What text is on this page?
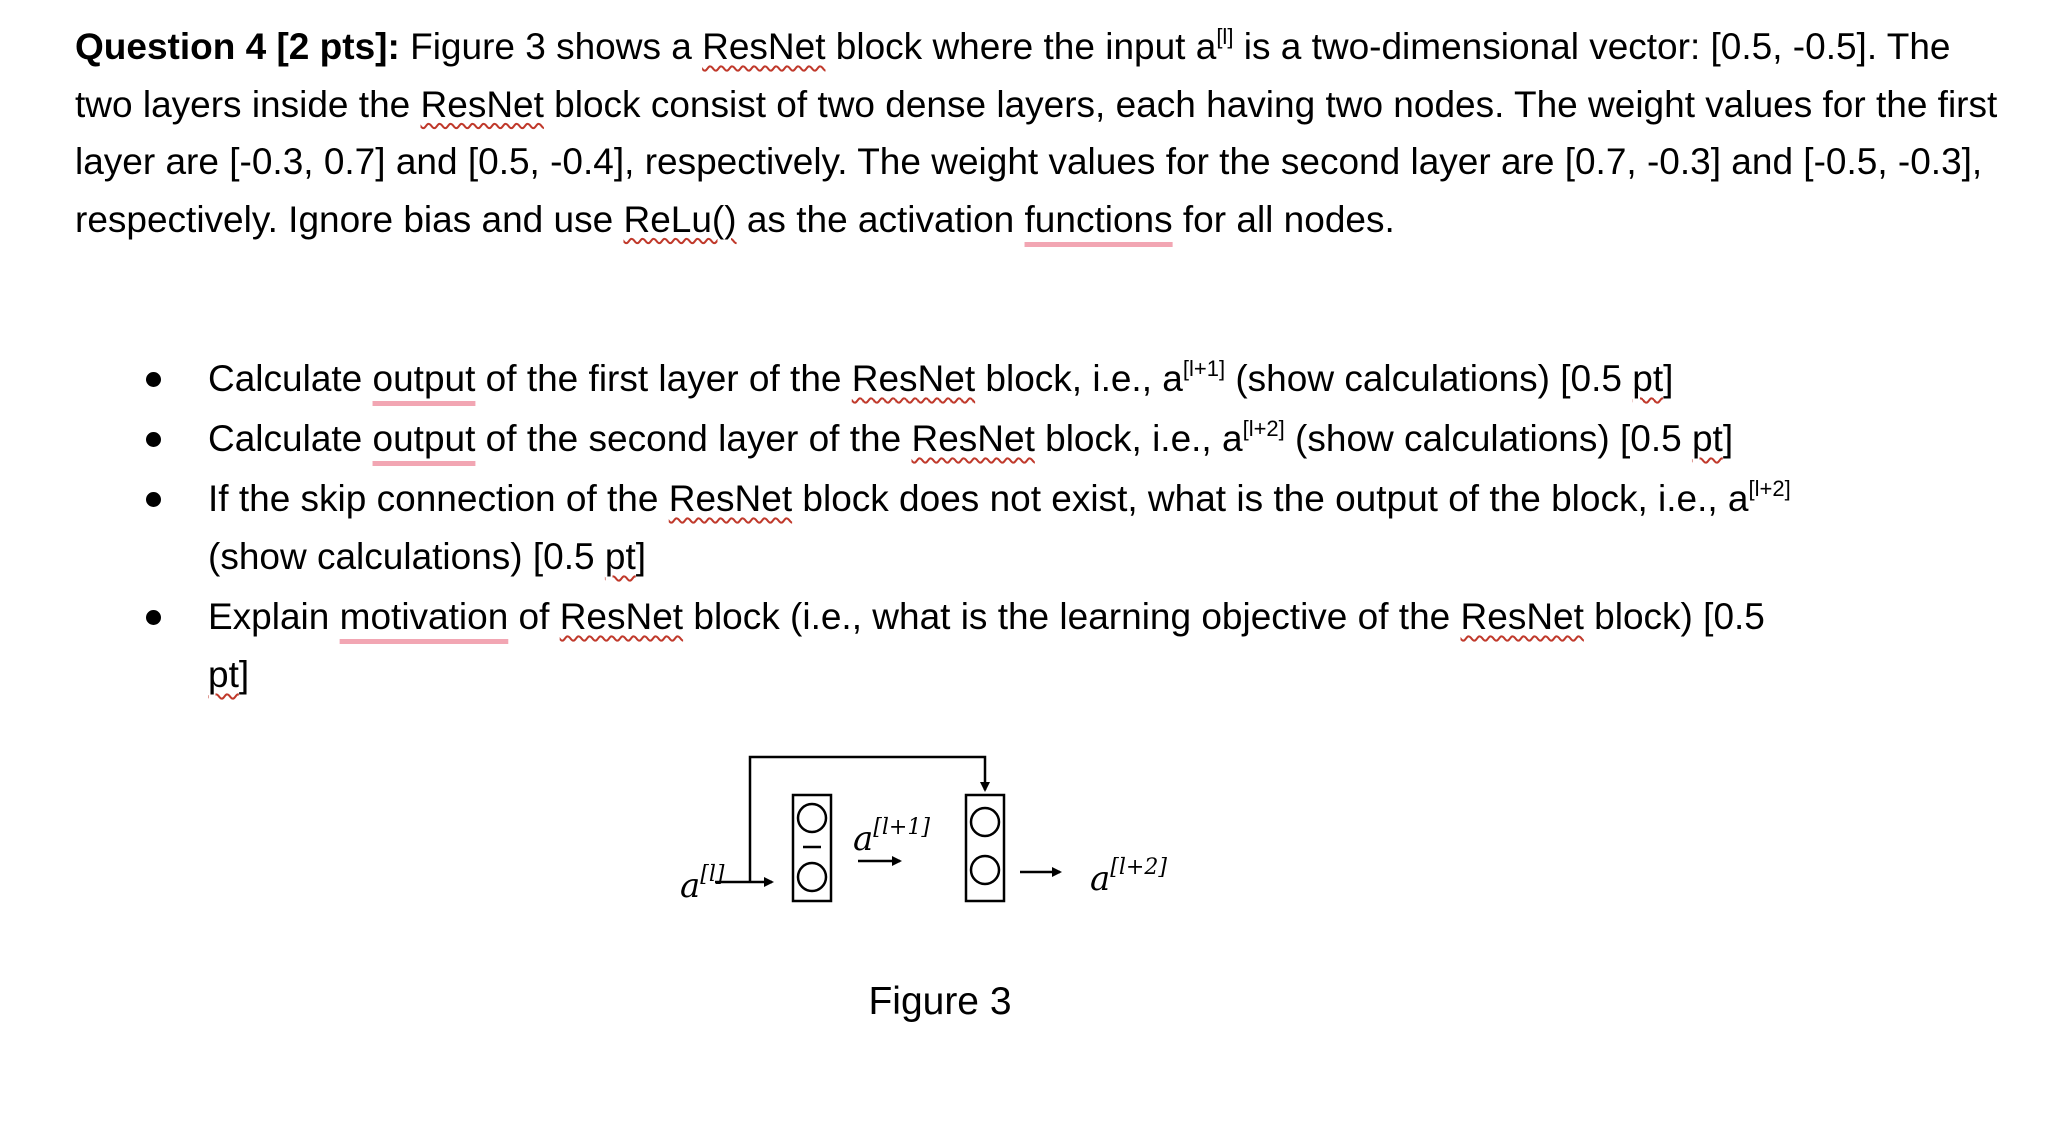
Question 4 [2 pts]: Figure 3 shows a ResNet block where the input a[l] is a two-dimensional vector: [0.5, -0.5]. The two layers inside the ResNet block consist of two dense layers, each having two nodes. The weight values for the first layer are [-0.3, 0.7] and [0.5, -0.4], respectively. The weight values for the second layer are [0.7, -0.3] and [-0.5, -0.3], respectively. Ignore bias and use ReLu() as the activation functions for all nodes.
Calculate output of the first layer of the ResNet block, i.e., a[l+1] (show calculations) [0.5 pt]
Calculate output of the second layer of the ResNet block, i.e., a[l+2] (show calculations) [0.5 pt]
If the skip connection of the ResNet block does not exist, what is the output of the block, i.e., a[l+2] (show calculations) [0.5 pt]
Explain motivation of ResNet block (i.e., what is the learning objective of the ResNet block) [0.5 pt]
a[l+1]
a[l]	a[l+2]
Figure 3
